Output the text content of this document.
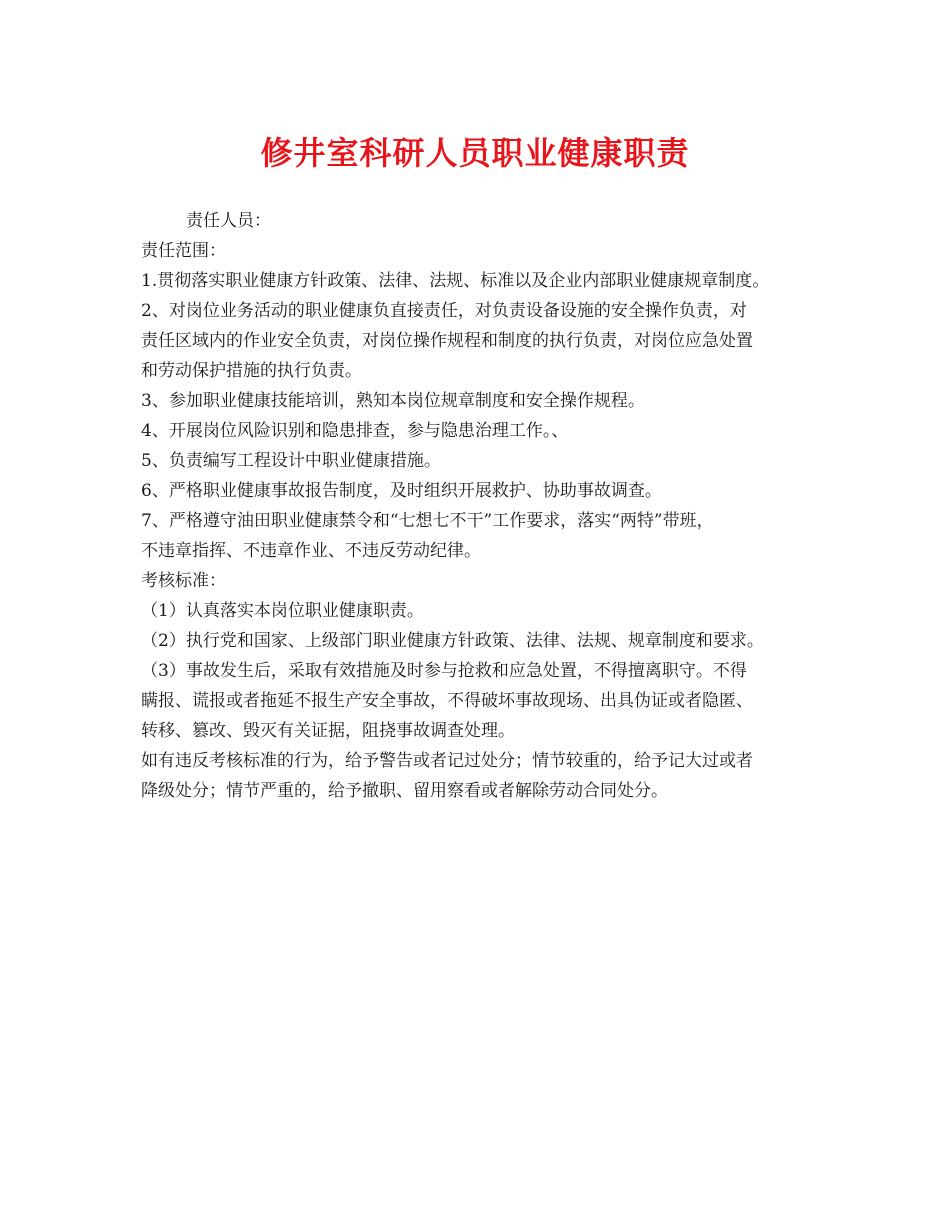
修井室科研人员职业健康职责

责任人员：

责任范围：

1.贯彻落实职业健康方针政策、法律、法规、标准以及企业内部职业健康规章制度。

2、对岗位业务活动的职业健康负直接责任，对负责设备设施的安全操作负责，对

责任区域内的作业安全负责，对岗位操作规程和制度的执行负责，对岗位应急处置

和劳动保护措施的执行负责。

3、参加职业健康技能培训，熟知本岗位规章制度和安全操作规程。

4、开展岗位风险识别和隐患排查，参与隐患治理工作。、

5、负责编写工程设计中职业健康措施。

6、严格职业健康事故报告制度，及时组织开展救护、协助事故调查。

7、严格遵守油田职业健康禁令和“七想七不干”工作要求，落实“两特”带班，

不违章指挥、不违章作业、不违反劳动纪律。

考核标准：

（1）认真落实本岗位职业健康职责。

（2）执行党和国家、上级部门职业健康方针政策、法律、法规、规章制度和要求。

（3）事故发生后，采取有效措施及时参与抢救和应急处置，不得擅离职守。不得

瞒报、谎报或者拖延不报生产安全事故，不得破坏事故现场、出具伪证或者隐匿、

转移、篡改、毁灭有关证据，阻挠事故调查处理。

如有违反考核标准的行为，给予警告或者记过处分；情节较重的，给予记大过或者

降级处分；情节严重的，给予撤职、留用察看或者解除劳动合同处分。
